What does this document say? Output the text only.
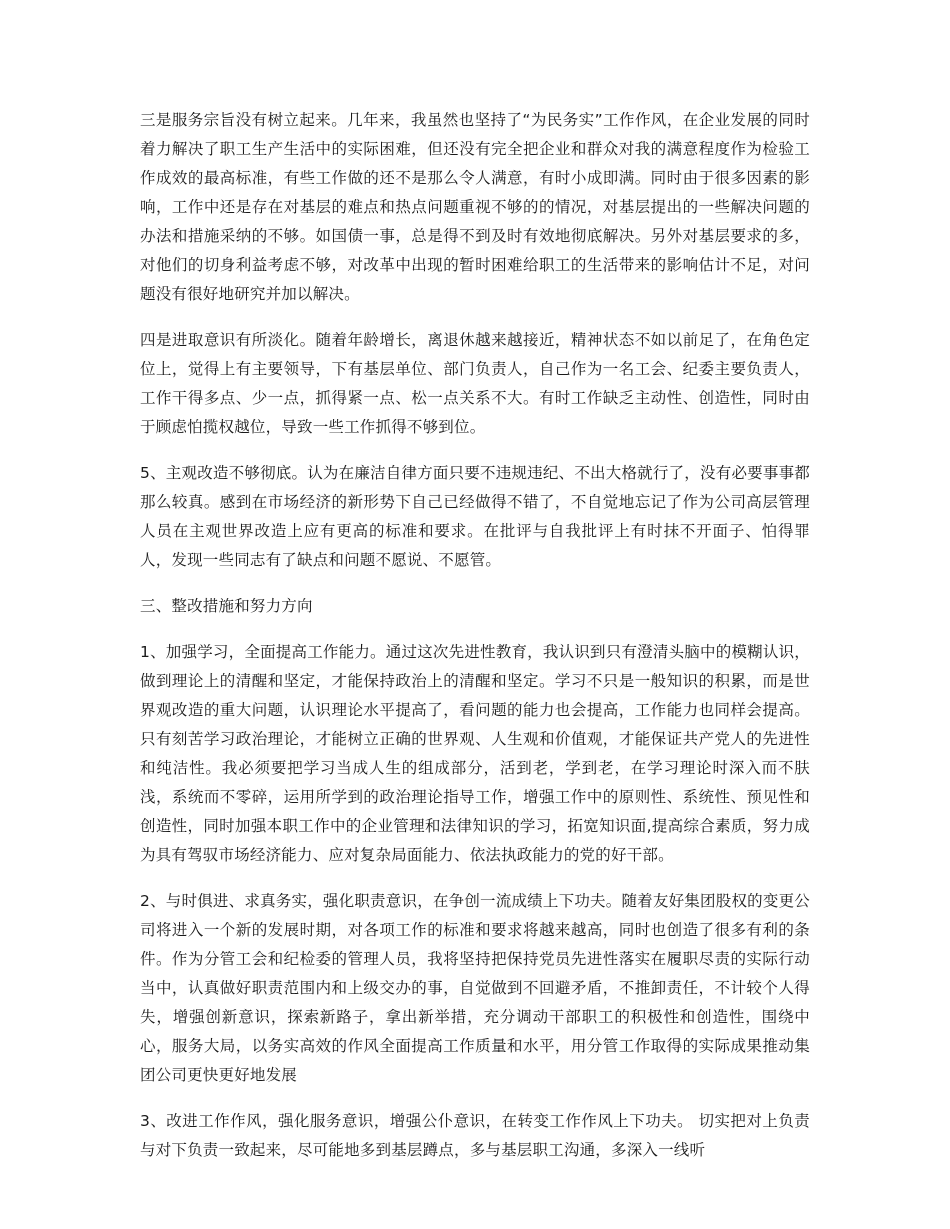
三是服务宗旨没有树立起来。几年来，我虽然也坚持了“为民务实”工作作风，在企业发展的同时着力解决了职工生产生活中的实际困难，但还没有完全把企业和群众对我的满意程度作为检验工作成效的最高标准，有些工作做的还不是那么令人满意，有时小成即满。同时由于很多因素的影响，工作中还是存在对基层的难点和热点问题重视不够的的情况，对基层提出的一些解决问题的办法和措施采纳的不够。如国债一事，总是得不到及时有效地彻底解决。另外对基层要求的多，对他们的切身利益考虑不够，对改革中出现的暂时困难给职工的生活带来的影响估计不足，对问题没有很好地研究并加以解决。

四是进取意识有所淡化。随着年龄增长，离退休越来越接近，精神状态不如以前足了，在角色定位上，觉得上有主要领导，下有基层单位、部门负责人，自己作为一名工会、纪委主要负责人，工作干得多点、少一点，抓得紧一点、松一点关系不大。有时工作缺乏主动性、创造性，同时由于顾虑怕揽权越位，导致一些工作抓得不够到位。

5、主观改造不够彻底。认为在廉洁自律方面只要不违规违纪、不出大格就行了，没有必要事事都那么较真。感到在市场经济的新形势下自己已经做得不错了，不自觉地忘记了作为公司高层管理人员在主观世界改造上应有更高的标准和要求。在批评与自我批评上有时抹不开面子、怕得罪人，发现一些同志有了缺点和问题不愿说、不愿管。

三、整改措施和努力方向

1、加强学习，全面提高工作能力。通过这次先进性教育，我认识到只有澄清头脑中的模糊认识，做到理论上的清醒和坚定，才能保持政治上的清醒和坚定。学习不只是一般知识的积累，而是世界观改造的重大问题，认识理论水平提高了，看问题的能力也会提高，工作能力也同样会提高。只有刻苦学习政治理论，才能树立正确的世界观、人生观和价值观，才能保证共产党人的先进性和纯洁性。我必须要把学习当成人生的组成部分，活到老，学到老，在学习理论时深入而不肤浅，系统而不零碎，运用所学到的政治理论指导工作，增强工作中的原则性、系统性、预见性和创造性，同时加强本职工作中的企业管理和法律知识的学习，拓宽知识面,提高综合素质，努力成为具有驾驭市场经济能力、应对复杂局面能力、依法执政能力的党的好干部。

2、与时俱进、求真务实，强化职责意识，在争创一流成绩上下功夫。随着友好集团股权的变更公司将进入一个新的发展时期，对各项工作的标准和要求将越来越高，同时也创造了很多有利的条件。作为分管工会和纪检委的管理人员，我将坚持把保持党员先进性落实在履职尽责的实际行动当中，认真做好职责范围内和上级交办的事，自觉做到不回避矛盾，不推卸责任，不计较个人得失，增强创新意识，探索新路子，拿出新举措，充分调动干部职工的积极性和创造性，围绕中心，服务大局，以务实高效的作风全面提高工作质量和水平，用分管工作取得的实际成果推动集团公司更快更好地发展

3、改进工作作风，强化服务意识，增强公仆意识，在转变工作作风上下功夫。 切实把对上负责与对下负责一致起来，尽可能地多到基层蹲点，多与基层职工沟通，多深入一线听
